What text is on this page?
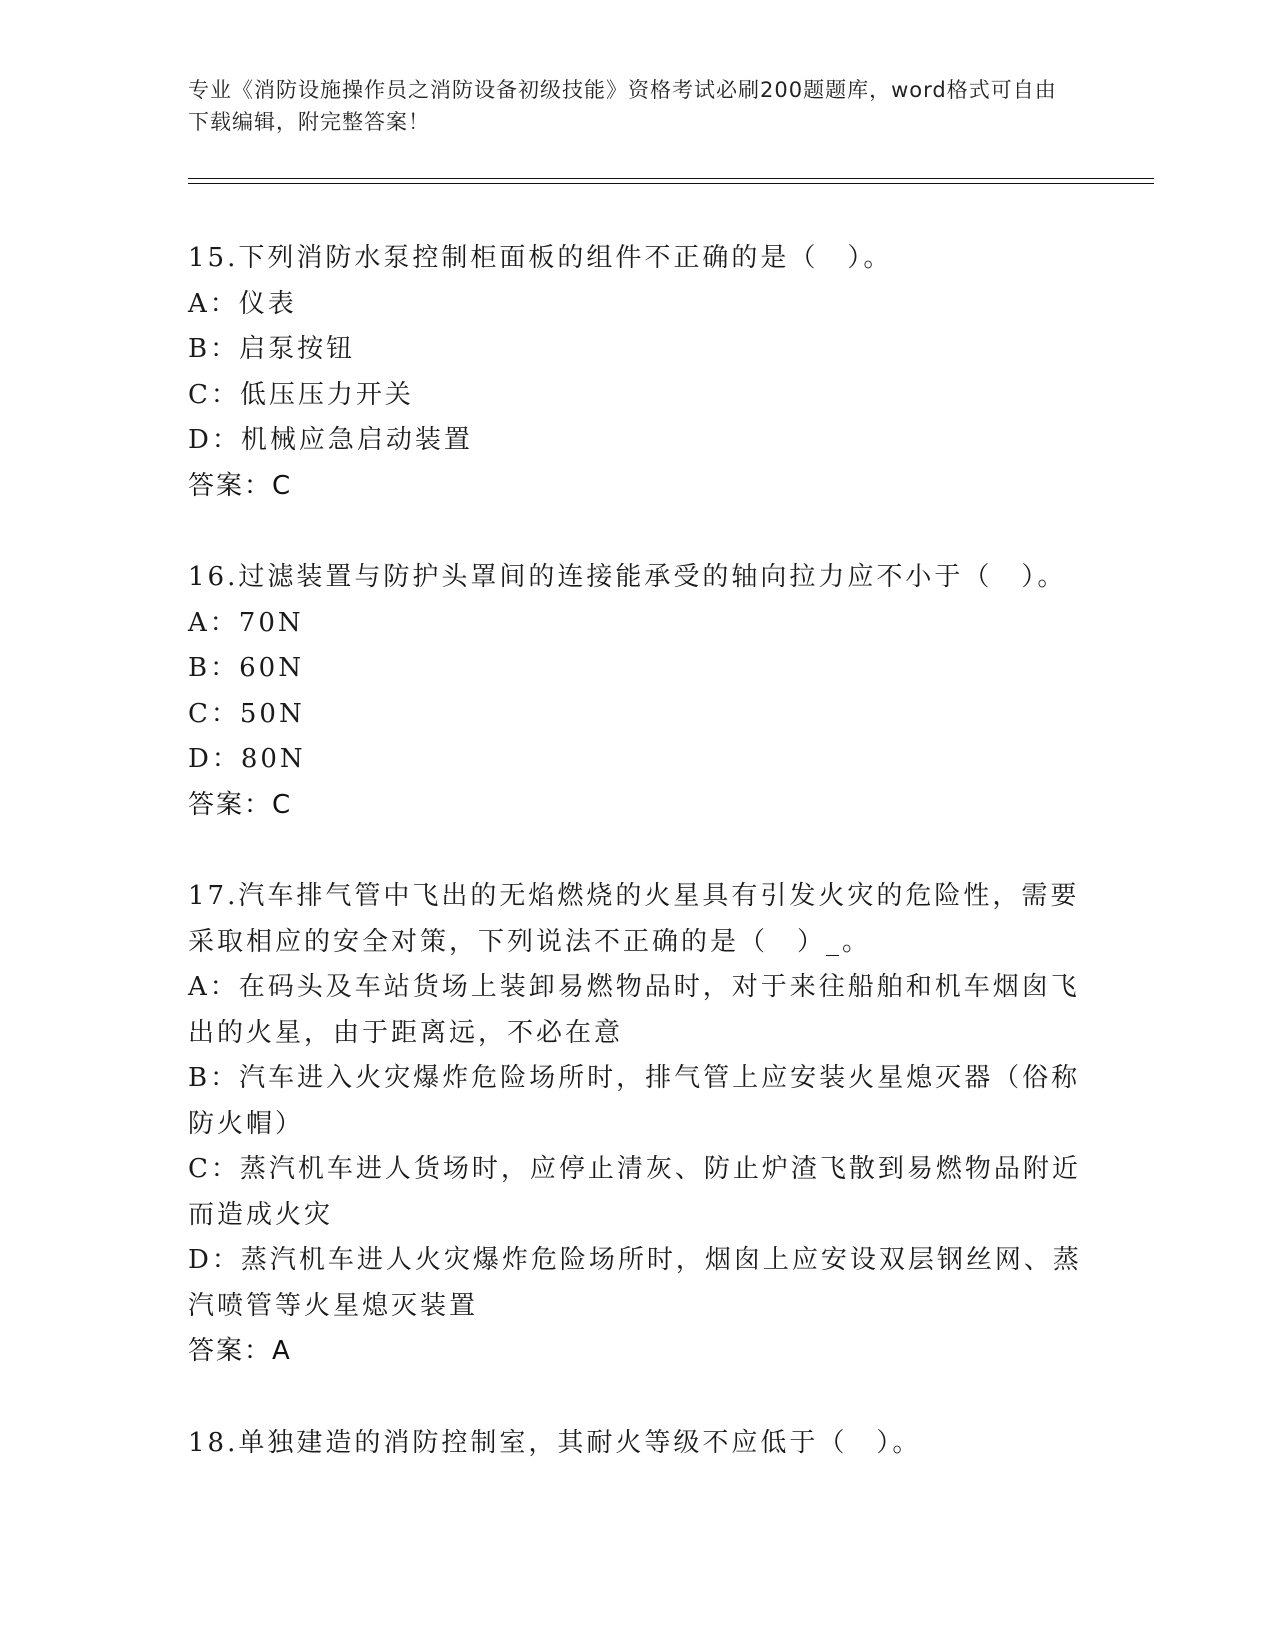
专业《消防设施操作员之消防设备初级技能》资格考试必刷200题题库，word格式可自由下载编辑，附完整答案！
15.下列消防水泵控制柜面板的组件不正确的是（　）。
A：仪表
B：启泵按钮
C：低压压力开关
D：机械应急启动装置
答案：C
16.过滤装置与防护头罩间的连接能承受的轴向拉力应不小于（　）。
A：70N
B：60N
C：50N
D：80N
答案：C
17.汽车排气管中飞出的无焰燃烧的火星具有引发火灾的危险性，需要采取相应的安全对策，下列说法不正确的是（　）_。
A：在码头及车站货场上装卸易燃物品时，对于来往船舶和机车烟囱飞出的火星，由于距离远，不必在意
B：汽车进入火灾爆炸危险场所时，排气管上应安装火星熄灭器（俗称防火帽）
C：蒸汽机车进人货场时，应停止清灰、防止炉渣飞散到易燃物品附近而造成火灾
D：蒸汽机车进人火灾爆炸危险场所时，烟囱上应安设双层钢丝网、蒸汽喷管等火星熄灭装置
答案：A
18.单独建造的消防控制室，其耐火等级不应低于（　）。
